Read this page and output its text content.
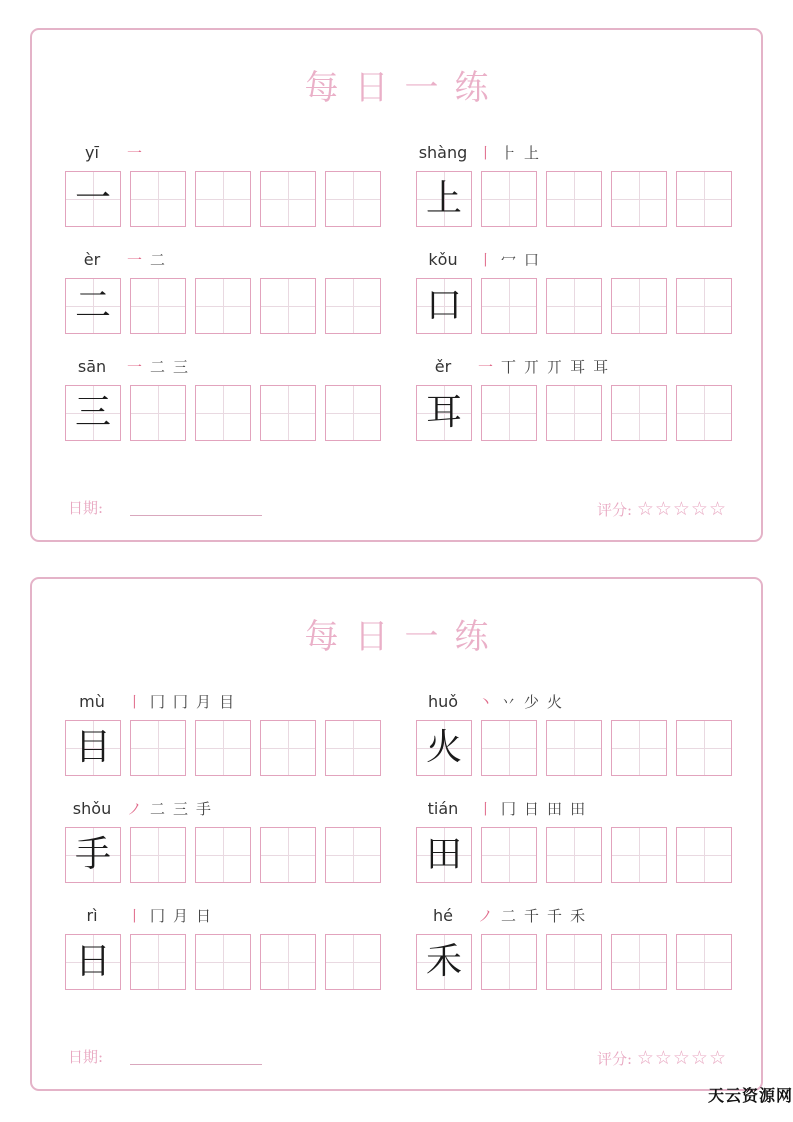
每日一练
yī	一
一
shàng 丨 ⺊ 上
上
èr	一 二
二
kǒu	丨 冖 口
口
sān	一 二 三
三
ěr	一 丅 丌 丌 耳 耳
耳
日期:	评分: ☆☆☆☆☆
每日一练
mù	丨 冂 冂 月 目
目
huǒ	丶 丷 少 火
火
shǒu	ノ 二 三 手
手
tián	丨 冂 日 田 田
田
rì	丨 冂 月 日
日
hé	ノ 二 千 千 禾
禾
日期:	评分: ☆☆☆☆☆
天云资源网
